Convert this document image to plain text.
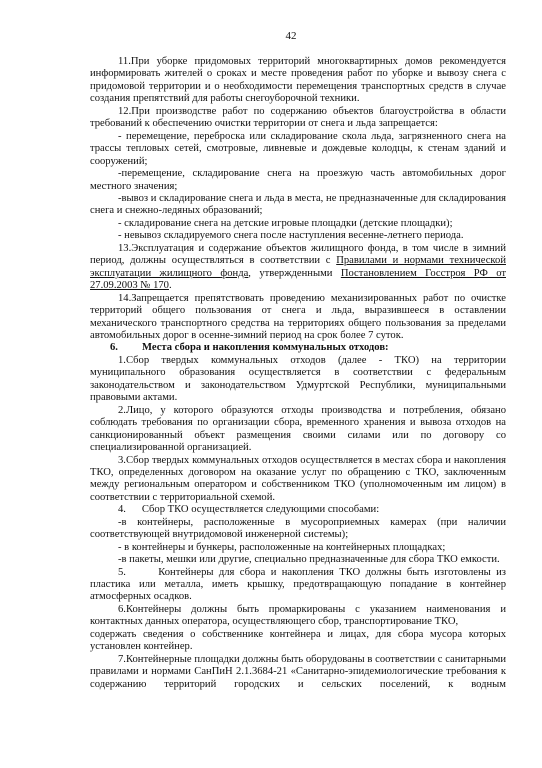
42

11.При уборке придомовых территорий многоквартирных домов рекомендуется информировать жителей о сроках и месте проведения работ по уборке и вывозу снега с придомовой территории и о необходимости перемещения транспортных средств в случае создания препятствий для работы снегоуборочной техники.

12.При производстве работ по содержанию объектов благоустройства в области требований к обеспечению очистки территории от снега и льда запрещается:

- перемещение, переброска или складирование скола льда, загрязненного снега на трассы тепловых сетей, смотровые, ливневые и дождевые колодцы, к стенам зданий и сооружений;

-перемещение, складирование снега на проезжую часть автомобильных дорог местного значения;

-вывоз и складирование снега и льда в места, не предназначенные для складирования снега и снежно-ледяных образований;

- складирование снега на детские игровые площадки (детские площадки);

- невывоз складируемого снега после наступления весенне-летнего периода.

13.Эксплуатация и содержание объектов жилищного фонда, в том числе в зимний период, должны осуществляться в соответствии с Правилами и нормами технической эксплуатации жилищного фонда, утвержденными Постановлением Госстроя РФ от 27.09.2003 № 170.

14.Запрещается препятствовать проведению механизированных работ по очистке территорий общего пользования от снега и льда, выразившееся в оставлении механического транспортного средства на территориях общего пользования за пределами автомобильных дорог в осенне-зимний период на срок более 7 суток.

6. Места сбора и накопления коммунальных отходов:

1.Сбор твердых коммунальных отходов (далее - ТКО) на территории муниципального образования осуществляется в соответствии с федеральным законодательством и законодательством Удмуртской Республики, муниципальными правовыми актами.

2.Лицо, у которого образуются отходы производства и потребления, обязано соблюдать требования по организации сбора, временного хранения и вывоза отходов на санкционированный объект размещения своими силами или по договору со специализированной организацией.

3.Сбор твердых коммунальных отходов осуществляется в местах сбора и накопления ТКО, определенных договором на оказание услуг по обращению с ТКО, заключенным между региональным оператором и собственником ТКО (уполномоченным им лицом) в соответствии с территориальной схемой.

4.      Сбор ТКО осуществляется следующими способами:

-в контейнеры, расположенные в мусороприемных камерах (при наличии соответствующей внутридомовой инженерной системы);

- в контейнеры и бункеры, расположенные на контейнерных площадках;

-в пакеты, мешки или другие, специально предназначенные для сбора ТКО емкости.

5.      Контейнеры для сбора и накопления ТКО должны быть изготовлены из пластика или металла, иметь крышку, предотвращающую попадание в контейнер атмосферных осадков.

6.Контейнеры должны быть промаркированы с указанием наименования и контактных данных оператора, осуществляющего сбор, транспортирование ТКО,

содержать сведения о собственнике контейнера и лицах, для сбора мусора которых установлен контейнер.

7.Контейнерные площадки должны быть оборудованы в соответствии с санитарными правилами и нормами СанПиН 2.1.3684-21 «Санитарно-эпидемиологические требования к содержанию территорий городских и сельских поселений, к водным
